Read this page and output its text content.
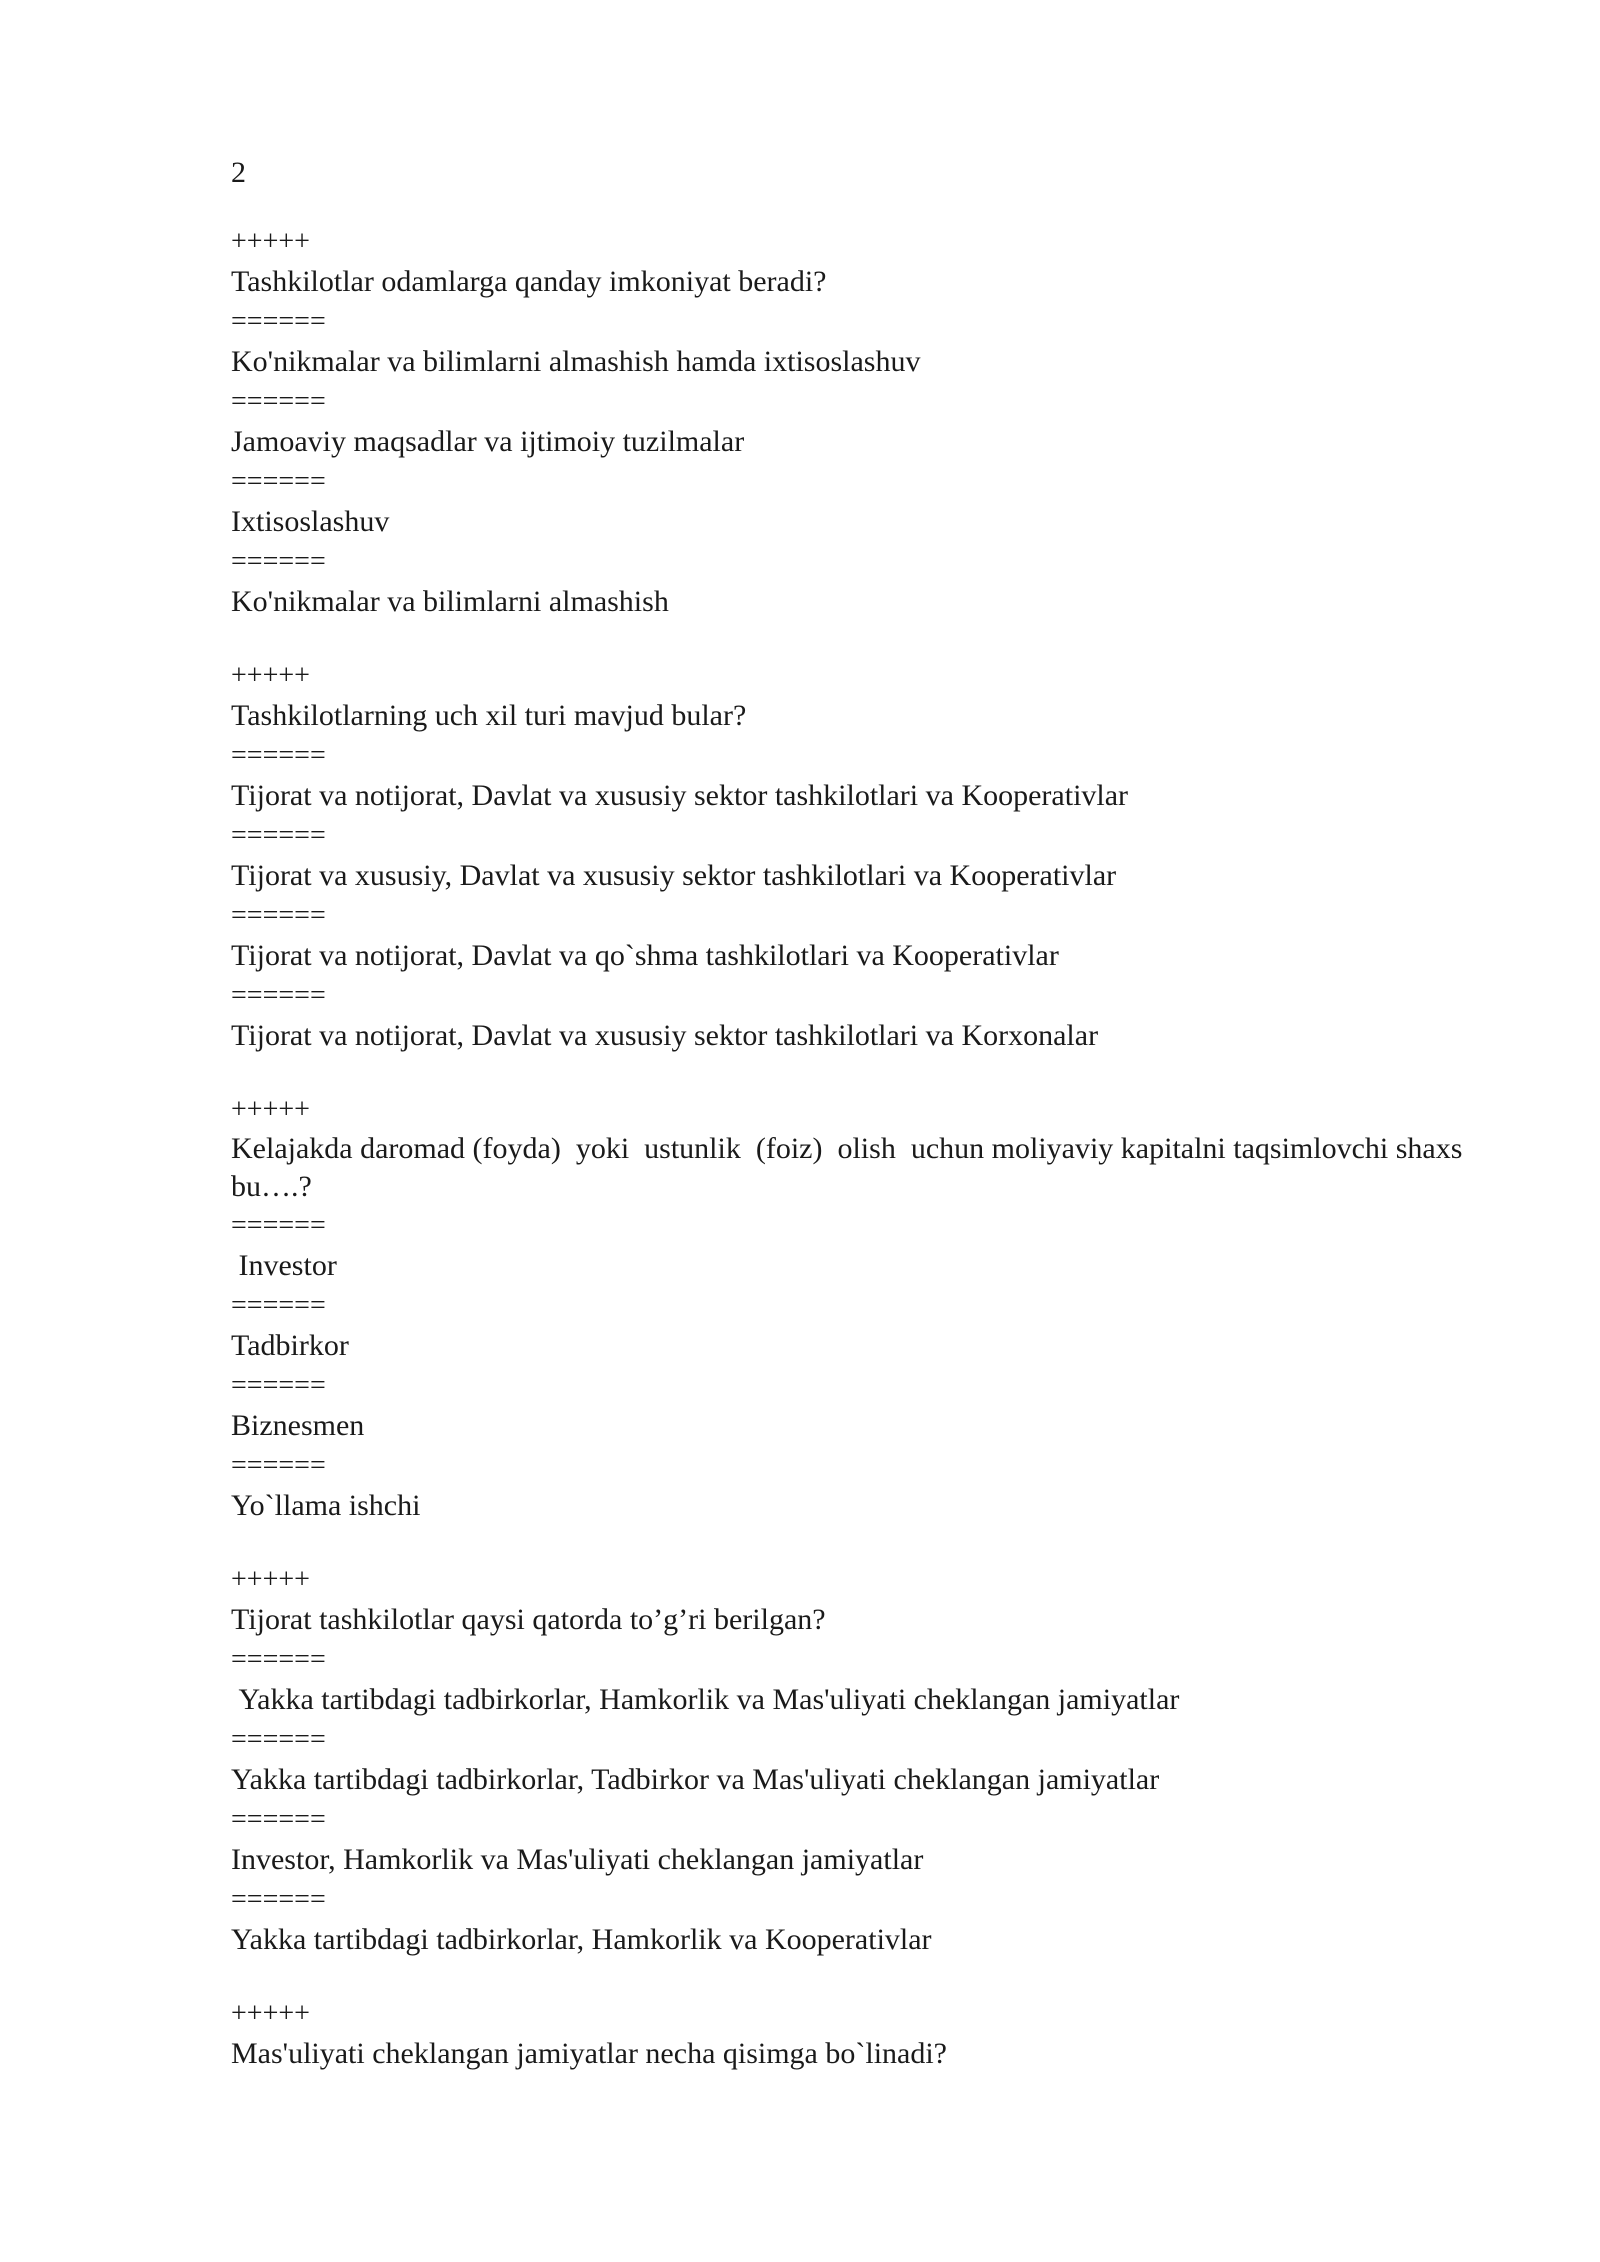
2
+++++
Tashkilotlar odamlarga qanday imkoniyat beradi?
======
Ko'nikmalar va bilimlarni almashish hamda ixtisoslashuv
======
Jamoaviy maqsadlar va ijtimoiy tuzilmalar
======
Ixtisoslashuv
======
Ko'nikmalar va bilimlarni almashish
+++++
Tashkilotlarning uch xil turi mavjud bular?
======
Tijorat va notijorat, Davlat va xususiy sektor tashkilotlari va Kooperativlar
======
Tijorat va xususiy, Davlat va xususiy sektor tashkilotlari va Kooperativlar
======
Tijorat va notijorat, Davlat va qo`shma tashkilotlari va Kooperativlar
======
Tijorat va notijorat, Davlat va xususiy sektor tashkilotlari va Korxonalar
+++++
Kelajakda daromad (foyda)  yoki  ustunlik  (foiz)  olish  uchun moliyaviy kapitalni taqsimlovchi shaxs bu….?
======
Investor
======
Tadbirkor
======
Biznesmen
======
Yo`llama ishchi
+++++
Tijorat tashkilotlar qaysi qatorda to’g’ri berilgan?
======
Yakka tartibdagi tadbirkorlar, Hamkorlik va Mas'uliyati cheklangan jamiyatlar
======
Yakka tartibdagi tadbirkorlar, Tadbirkor va Mas'uliyati cheklangan jamiyatlar
======
Investor, Hamkorlik va Mas'uliyati cheklangan jamiyatlar
======
Yakka tartibdagi tadbirkorlar, Hamkorlik va Kooperativlar
+++++
Mas'uliyati cheklangan jamiyatlar necha qisimga bo`linadi?
